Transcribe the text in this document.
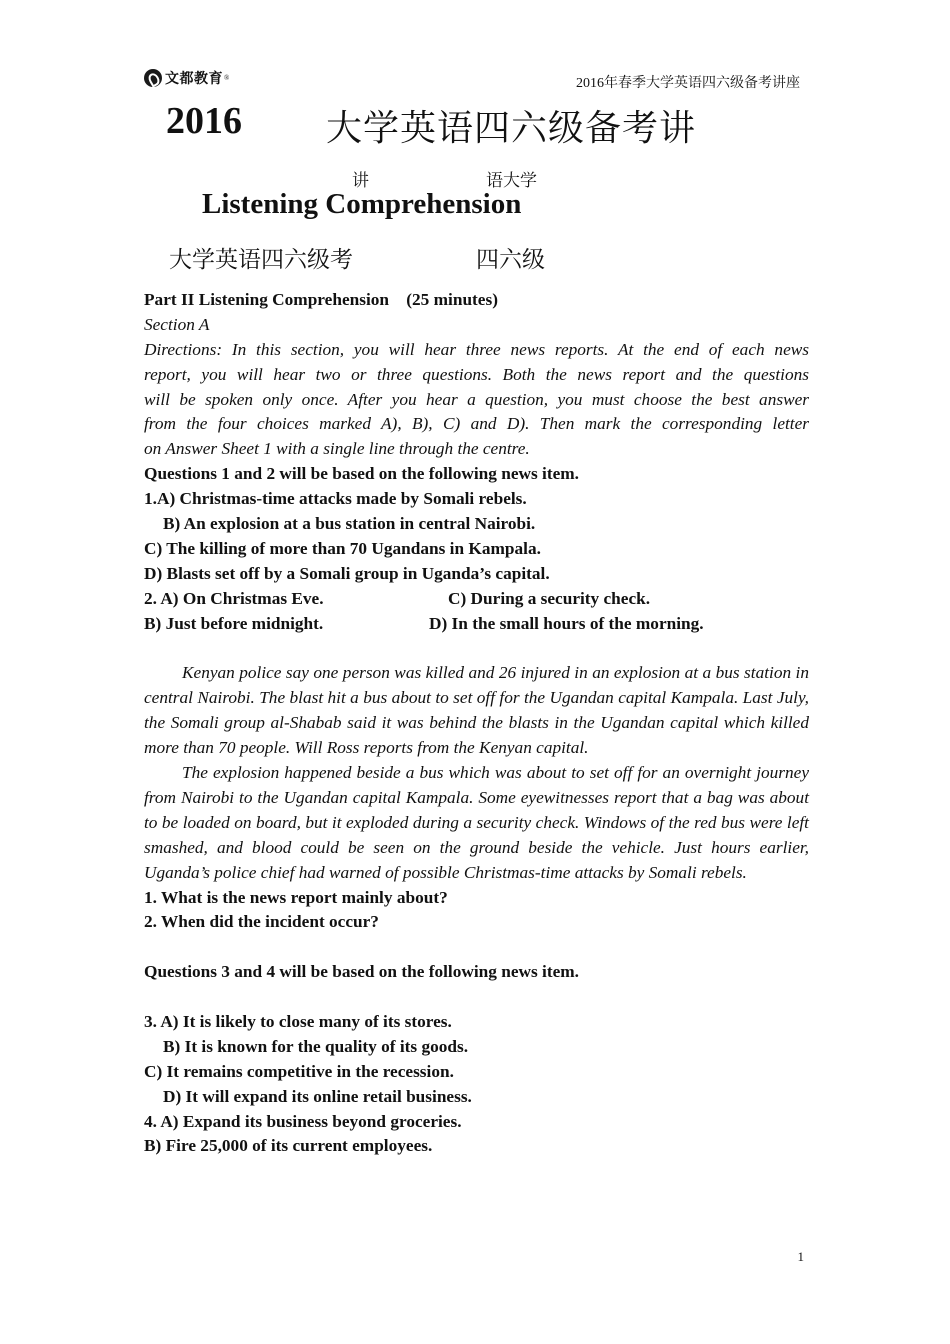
文都教育 ®	2016年春季大学英语四六级备考讲座
2016 大学英语四六级备考讲
讲	语大学
Listening Comprehension
大学英语四六级考	四六级
Part II Listening Comprehension    (25 minutes)
Section A
Directions: In this section, you will hear three news reports. At the end of each news
report, you will hear two or three questions. Both the news report and the questions
will be spoken only once. After you hear a question, you must choose the best answer
from the four choices marked A), B), C) and D). Then mark the corresponding letter
on Answer Sheet 1 with a single line through the centre.
Questions 1 and 2 will be based on the following news item.
1.A) Christmas-time attacks made by Somali rebels.
B) An explosion at a bus station in central Nairobi.
C) The killing of more than 70 Ugandans in Kampala.
D) Blasts set off by a Somali group in Uganda’s capital.
2. A) On Christmas Eve.	C) During a security check.
B) Just before midnight.	D) In the small hours of the morning.

Kenyan police say one person was killed and 26 injured in an explosion at a bus station in central Nairobi. The blast hit a bus about to set off for the Ugandan capital Kampala. Last July, the Somali group al-Shabab said it was behind the blasts in the Ugandan capital which killed more than 70 people. Will Ross reports from the Kenyan capital.

The explosion happened beside a bus which was about to set off for an overnight journey from Nairobi to the Ugandan capital Kampala. Some eyewitnesses report that a bag was about to be loaded on board, but it exploded during a security check. Windows of the red bus were left smashed, and blood could be seen on the ground beside the vehicle. Just hours earlier, Uganda’s police chief had warned of possible Christmas-time attacks by Somali rebels.

1. What is the news report mainly about?
2. When did the incident occur?
Questions 3 and 4 will be based on the following news item.
3. A) It is likely to close many of its stores.
B) It is known for the quality of its goods.
C) It remains competitive in the recession.
D) It will expand its online retail business.
4. A) Expand its business beyond groceries.
B) Fire 25,000 of its current employees.
1
